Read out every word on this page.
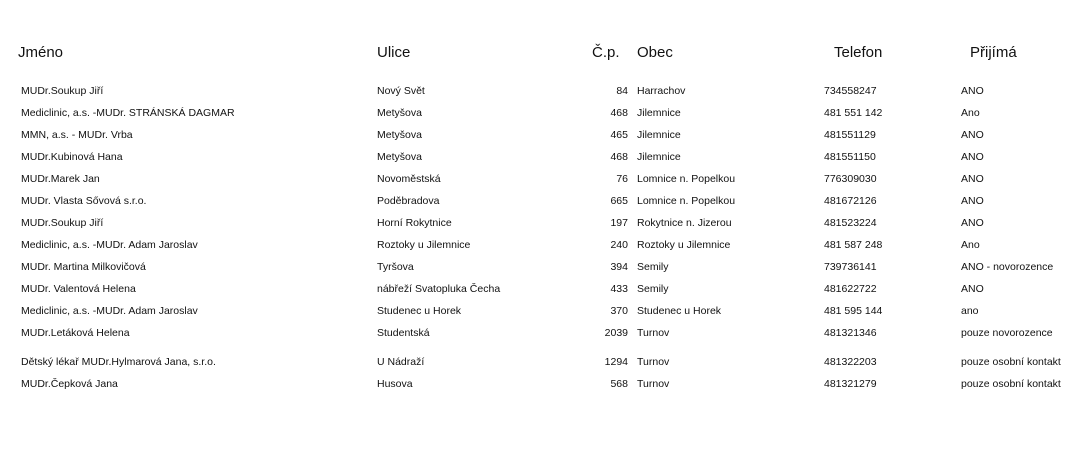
Jméno	Ulice	Č.p. Obec	Telefon	Přijímá
MUDr.Soukup Jiří	Nový Svět	84 Harrachov	734558247	ANO
Mediclinic, a.s. -MUDr. STRÁNSKÁ DAGMAR	Metyšova	468 Jilemnice	481 551 142	Ano
MMN, a.s. - MUDr. Vrba	Metyšova	465 Jilemnice	481551129	ANO
MUDr.Kubinová Hana	Metyšova	468 Jilemnice	481551150	ANO
MUDr.Marek Jan	Novoměstská	76 Lomnice n. Popelkou	776309030	ANO
MUDr. Vlasta Sővová s.r.o.	Poděbradova	665 Lomnice n. Popelkou	481672126	ANO
MUDr.Soukup Jiří	Horní Rokytnice	197 Rokytnice n. Jizerou	481523224	ANO
Mediclinic, a.s. -MUDr. Adam Jaroslav	Roztoky u Jilemnice	240 Roztoky u Jilemnice	481 587 248	Ano
MUDr. Martina Milkovičová	Tyršova	394 Semily	739736141	ANO - novorozence
MUDr. Valentová Helena	nábřeží Svatopluka Čecha	433 Semily	481622722	ANO
Mediclinic, a.s. -MUDr. Adam Jaroslav	Studenec u Horek	370 Studenec u Horek	481 595 144	ano
MUDr.Letáková Helena	Studentská	2039 Turnov	481321346	pouze novorozence
Dětský lékař MUDr.Hylmarová Jana, s.r.o.	U Nádraží	1294 Turnov	481322203	pouze osobní kontakt
MUDr.Čepková Jana	Husova	568 Turnov	481321279	pouze osobní kontakt
